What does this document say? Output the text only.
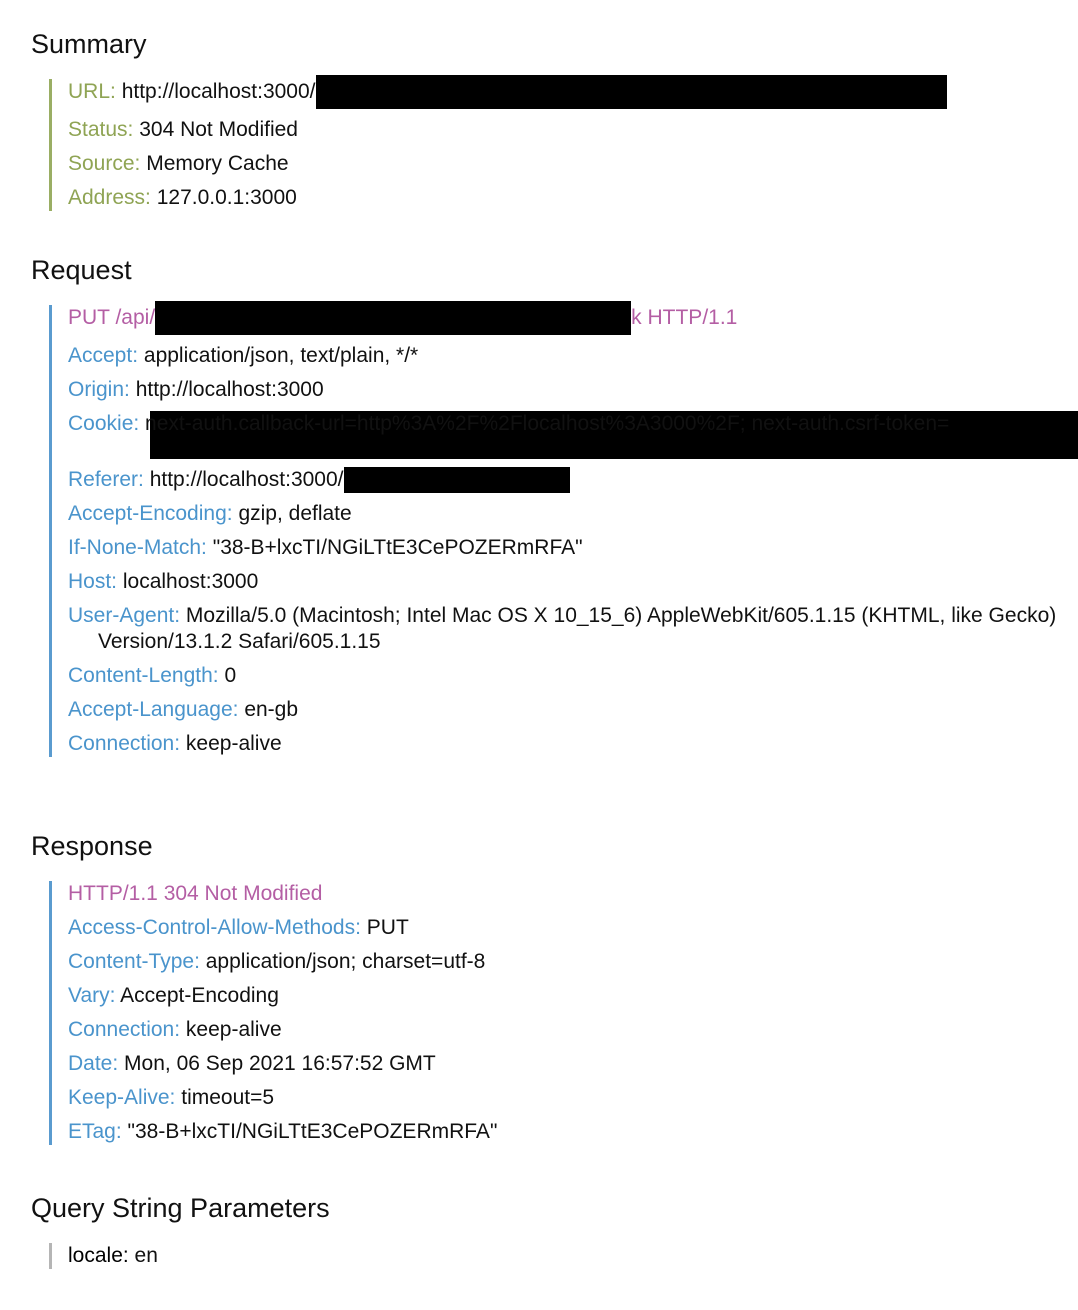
Summary
URL: http://localhost:3000/
Status: 304 Not Modified
Source: Memory Cache
Address: 127.0.0.1:3000
Request
PUT /api/	k HTTP/1.1
Accept: application/json, text/plain, */*
Origin: http://localhost:3000
Cookie: next-auth.callback-url=http%3A%2F%2Flocalhost%3A3000%2F; next-auth.csrf-token=
Referer: http://localhost:3000/
Accept-Encoding: gzip, deflate
If-None-Match: "38-B+lxcTI/NGiLTtE3CePOZERmRFA"
Host: localhost:3000
User-Agent: Mozilla/5.0 (Macintosh; Intel Mac OS X 10_15_6) AppleWebKit/605.1.15 (KHTML, like Gecko) Version/13.1.2 Safari/605.1.15
Content-Length: 0
Accept-Language: en-gb
Connection: keep-alive
Response
HTTP/1.1 304 Not Modified
Access-Control-Allow-Methods: PUT
Content-Type: application/json; charset=utf-8
Vary: Accept-Encoding
Connection: keep-alive
Date: Mon, 06 Sep 2021 16:57:52 GMT
Keep-Alive: timeout=5
ETag: "38-B+lxcTI/NGiLTtE3CePOZERmRFA"
Query String Parameters
locale: en
